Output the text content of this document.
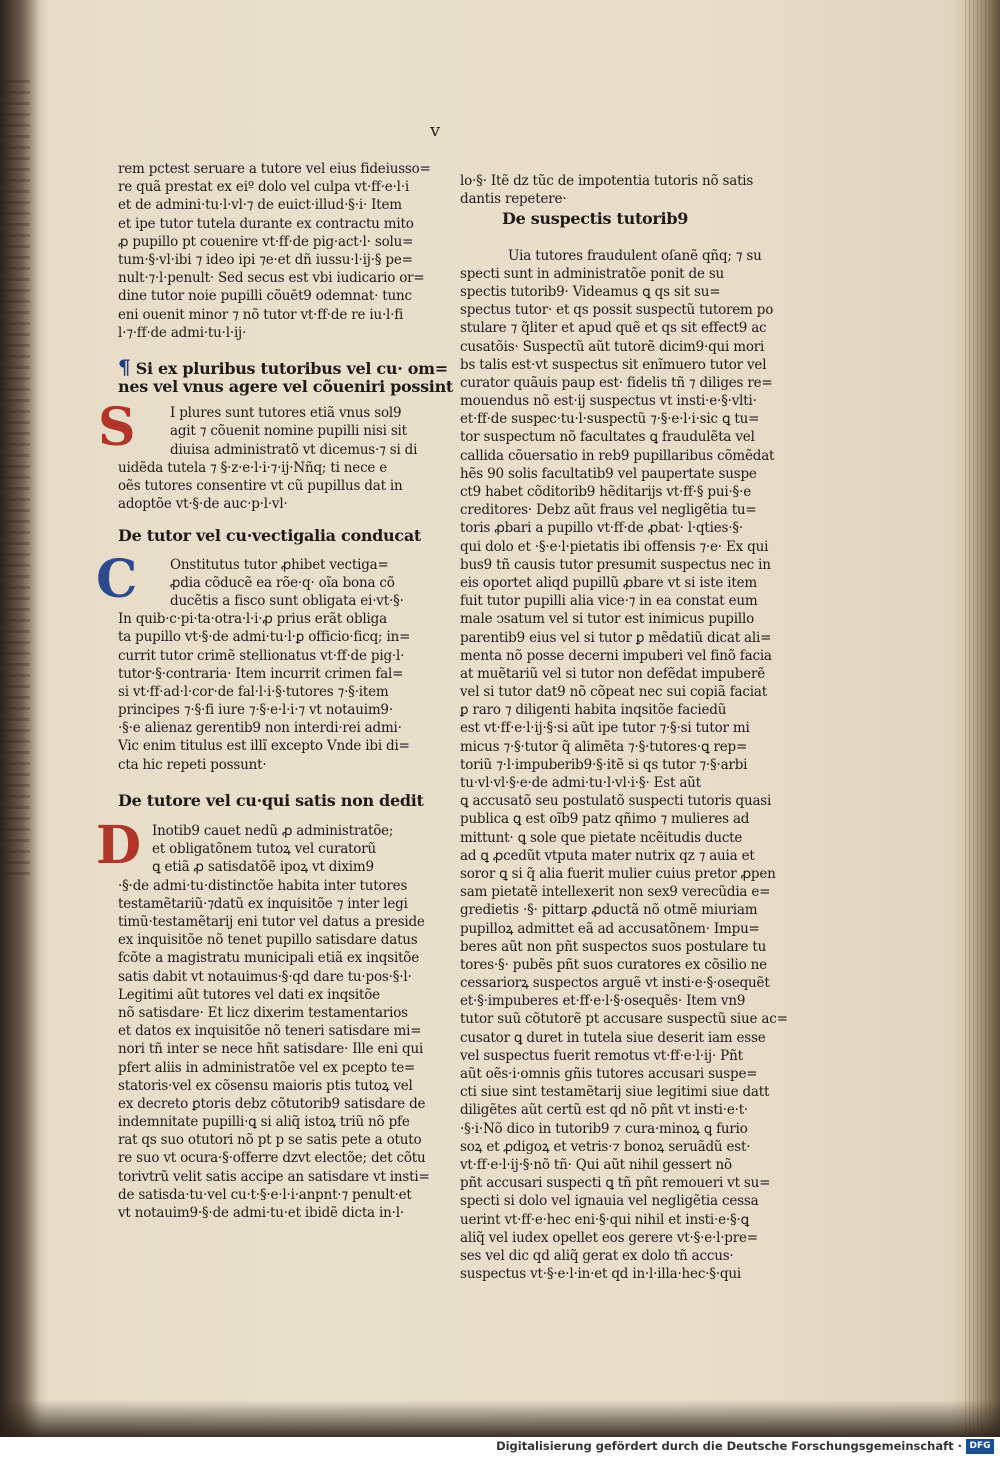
v

rem pctest seruare a tutore vel eius fideiusso=

re quã prestat ex eiº dolo vel culpa vt·ff·e·l·i

et de admini·tu·l·vl·⁊ de euict·illud·§·i· Item

et ipe tutor tutela durante ex contractu mito

ꝓ pupillo pt couenire vt·ff·de pig·act·l· solu=

tum·§·vl·ibi ⁊ ideo ipi ⁊e·et dñ iussu·l·ij·§ pe=

nult·⁊·l·penult· Sed secus est vbi iudicario or=

dine tutor noie pupilli cõuēt9 odemnat· tunc

eni ouenit minor ⁊ nõ tutor vt·ff·de re iu·l·fi

l·⁊·ff·de admi·tu·l·ij·

¶ Si ex pluribus tutoribus vel cu· om=

nes vel vnus agere vel cõueniri possint

S	I plures sunt tutores etiã vnus sol9

agit ⁊ cõuenit nomine pupilli nisi sit

diuisa administratõ vt dicemus·⁊ si di

uidẽda tutela ⁊ §·z·e·l·i·⁊·ij·Nñq; ti nece e

oẽs tutores consentire vt cũ pupillus dat in

adoptõe vt·§·de auc·p·l·vl·

De tutor vel cu·vectigalia conducat

C Onstitutus tutor ꝓhibet vectiga=

ꝓdia cõducẽ ea rõe·q· oĩa bona cõ

ducẽtis a fisco sunt obligata ei·vt·§·

In quib·c·pi·ta·otra·l·i·ꝓ prius erãt obliga

ta pupillo vt·§·de admi·tu·l·ꝑ officio·ficq; in=

currit tutor crimẽ stellionatus vt·ff·de pig·l·

tutor·§·contraria· Item incurrit crimen fal=

si vt·ff·ad·l·cor·de fal·l·i·§·tutores ⁊·§·item

principes ⁊·§·fi iure ⁊·§·e·l·i·⁊ vt notauim9·

·§·e alienaz gerentib9 non interdi·rei admi·

Vic enim titulus est illĩ excepto Vnde ibi di=

cta hic repeti possunt·

De tutore vel cu·qui satis non dedit

D Inotib9 cauet nedũ ꝓ administratõe;

et obligatõnem tutoꝝ vel curatorũ

ꝗ etiã ꝓ satisdatõẽ ipoꝝ vt dixim9

·§·de admi·tu·distinctõe habita inter tutores

testamẽtariũ·⁊datũ ex inquisitõe ⁊ inter legi

timũ·testamẽtarij eni tutor vel datus a preside

ex inquisitõe nõ tenet pupillo satisdare datus

fcõte a magistratu municipali etiã ex inqsitõe

satis dabit vt notauimus·§·qd dare tu·pos·§·l·

Legitimi aũt tutores vel dati ex inqsitõe

nõ satisdare· Et licz dixerim testamentarios

et datos ex inquisitõe nõ teneri satisdare mi=

nori tñ inter se nece hñt satisdare· Ille eni qui

pfert aliis in administratõe vel ex pcepto te=

statoris·vel ex cõsensu maioris ptis tutoꝝ vel

ex decreto ꝑtoris debz cõtutorib9 satisdare de

indemnitate pupilli·ꝗ si aliq̃ istoꝝ triũ nõ pfe

rat qs suo otutori nõ pt p se satis pete a otuto

re suo vt ocura·§·offerre dzvt electõe; det cõtu

torivtrũ velit satis accipe an satisdare vt insti=

de satisda·tu·vel cu·t·§·e·l·i·anpnt·⁊ penult·et

vt notauim9·§·de admi·tu·et ibidẽ dicta in·l·

lo·§· Itẽ dz tũc de impotentia tutoris nõ satis

dantis repetere·

De suspectis tutorib9

Uia tutores fraudulent oſanẽ qñq; ⁊ su

specti sunt in administratõe ponit de su

spectis tutorib9· Videamus ꝗ qs sit su=

spectus tutor· et qs possit suspectũ tutorem po

stulare ⁊ q̃liter et apud quẽ et qs sit effect9 ac

cusatõis· Suspectũ aũt tutorẽ dicim9·qui mori

bs talis est·vt suspectus sit enĩmuero tutor vel

curator quãuis paup est· fidelis tñ ⁊ diliges re=

mouendus nõ est·ij suspectus vt insti·e·§·vlti·

et·ff·de suspec·tu·l·suspectũ ⁊·§·e·l·i·sic ꝗ tu=

tor suspectum nõ facultates ꝗ fraudulẽta vel

callida cõuersatio in reb9 pupillaribus cõmẽdat

hẽs 90 solis facultatib9 vel paupertate suspe

ct9 habet cõditorib9 hẽditarijs vt·ff·§ pui·§·e

creditores· Debz aũt fraus vel negligẽtia tu=

toris ꝓbari a pupillo vt·ff·de ꝓbat· l·qties·§·

qui dolo et ·§·e·l·pietatis ibi offensis ⁊·e· Ex qui

bus9 tñ causis tutor presumit suspectus nec in

eis oportet aliqd pupillũ ꝓbare vt si iste item

fuit tutor pupilli alia vice·⁊ in ea constat eum

male ↄsatum vel si tutor est inimicus pupillo

parentib9 eius vel si tutor ꝑ mẽdatiũ dicat ali=

menta nõ posse decerni impuberi vel finõ facia

at muẽtariũ vel si tutor non defẽdat impuberẽ

vel si tutor dat9 nõ cõpeat nec sui copiã faciat

ꝑ raro ⁊ diligenti habita inqsitõe faciedũ

est vt·ff·e·l·ij·§·si aũt ipe tutor ⁊·§·si tutor mi

micus ⁊·§·tutor q̃ alimẽta ⁊·§·tutores·ꝗ rep=

toriũ ⁊·l·impuberib9·§·itẽ si qs tutor ⁊·§·arbi

tu·vl·vl·§·e·de admi·tu·l·vl·i·§· Est aũt

ꝗ accusatõ seu postulatõ suspecti tutoris quasi

publica ꝗ est oĩb9 patz qñimo ⁊ mulieres ad

mittunt· ꝗ sole que pietate ncẽitudis ducte

ad ꝗ ꝓcedũt vtputa mater nutrix qz ⁊ auia et

soror ꝗ si q̃ alia fuerit mulier cuius pretor ꝓpen

sam pietatẽ intellexerit non sex9 verecũdia e=

gredietis ·§· pittarꝑ ꝓductã nõ otmẽ miuriam

pupilloꝝ admittet eã ad accusatõnem· Impu=

beres aũt non pñt suspectos suos postulare tu

tores·§· pubẽs pñt suos curatores ex cõsilio ne

cessariorꝝ suspectos arguẽ vt insti·e·§·osequẽt

et·§·impuberes et·ff·e·l·§·osequẽs· Item vn9

tutor suũ cõtutorẽ pt accusare suspectũ siue ac=

cusator ꝗ duret in tutela siue deserit iam esse

vel suspectus fuerit remotus vt·ff·e·l·ij· Pñt

aũt oẽs·i·omnis gñis tutores accusari suspe=

cti siue sint testamẽtarij siue legitimi siue datt

diligẽtes aũt certũ est qd nõ pñt vt insti·e·t·

·§·i·Nõ dico in tutorib9 ⁊ cura·minoꝝ ꝗ furio

soꝝ et ꝓdigoꝝ et vetris·⁊ bonoꝝ seruãdũ est·

vt·ff·e·l·ij·§·nõ tñ· Qui aũt nihil gessert nõ

pñt accusari suspecti ꝗ tñ pñt remoueri vt su=

specti si dolo vel ignauia vel negligẽtia cessa

uerint vt·ff·e·hec eni·§·qui nihil et insti·e·§·ꝗ

aliq̃ vel iudex opellet eos gerere vt·§·e·l·pre=

ses vel dic qd aliq̃ gerat ex dolo tñ accus·

suspectus vt·§·e·l·in·et qd in·l·illa·hec·§·qui

Digitalisierung gefördert durch die Deutsche Forschungsgemeinschaft · DFG
